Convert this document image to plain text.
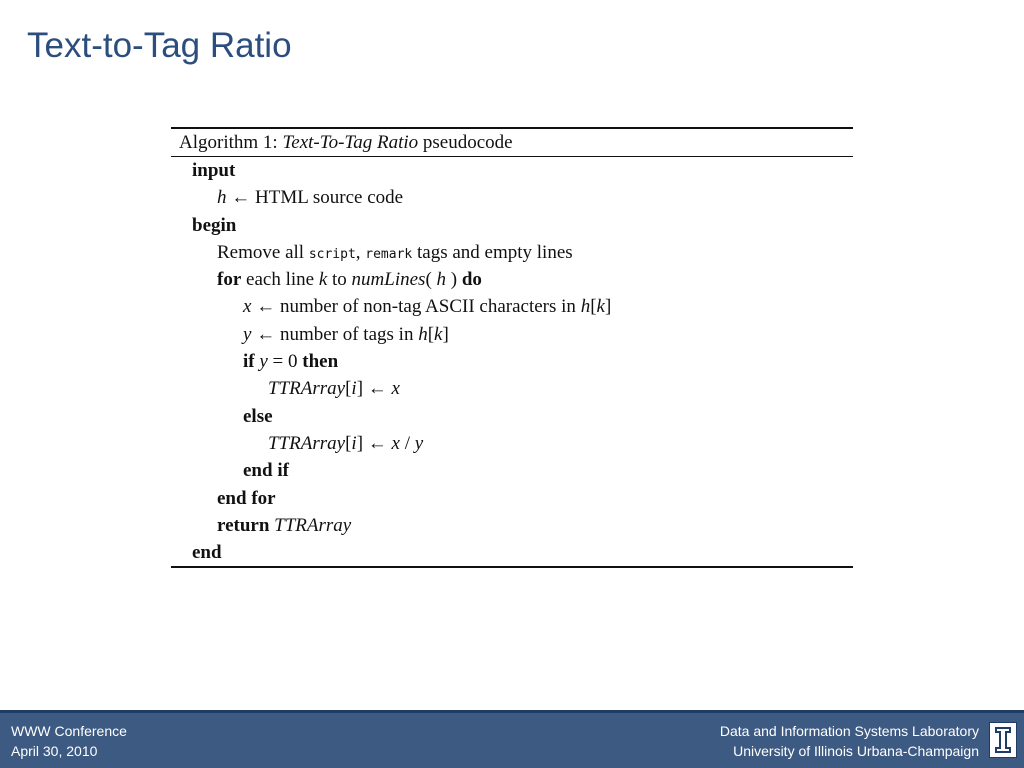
Text-to-Tag Ratio
Algorithm 1: Text-To-Tag Ratio pseudocode
input
h ← HTML source code
begin
Remove all script, remark tags and empty lines
for each line k to numLines( h ) do
x ← number of non-tag ASCII characters in h[k]
y ← number of tags in h[k]
if y = 0 then
TTRArray[i] ← x
else
TTRArray[i] ← x / y
end if
end for
return TTRArray
end
WWW Conference
April 30, 2010
Data and Information Systems Laboratory
University of Illinois Urbana-Champaign
